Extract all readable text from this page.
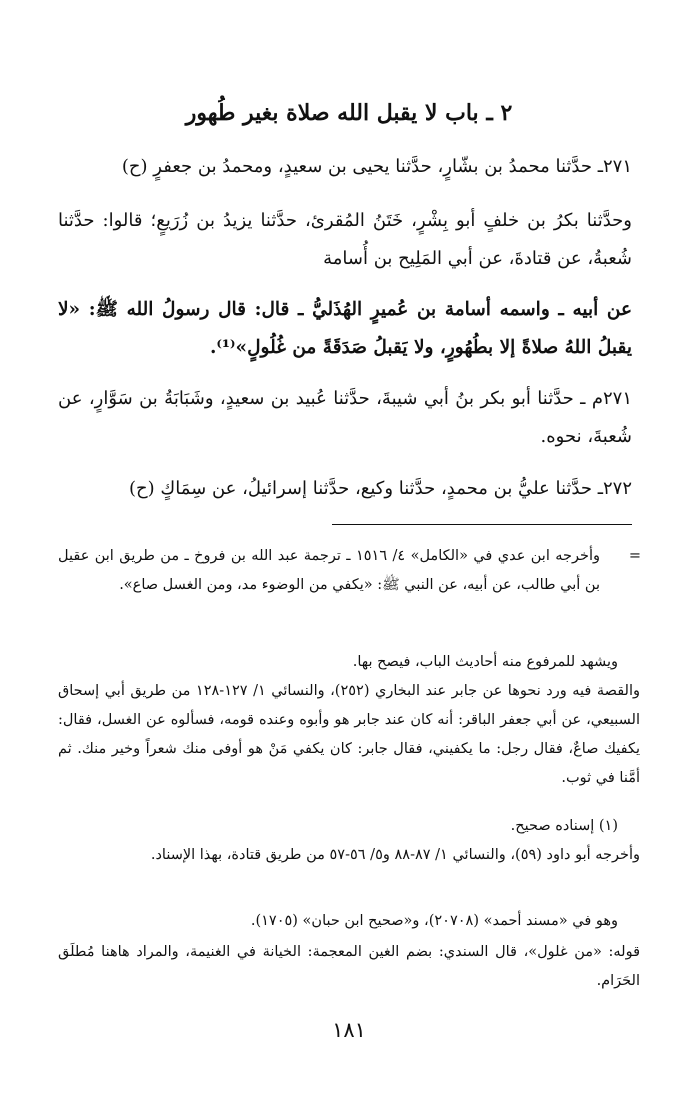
٢ ـ باب لا يقبل الله صلاة بغير طُهور
٢٧١ـ حدَّثنا محمدُ بن بشّارٍ، حدَّثنا يحيى بن سعيدٍ، ومحمدُ بن جعفرٍ (ح)
وحدَّثنا بكرُ بن خلفٍ أبو بِشْرٍ، خَتَنُ المُقرئ، حدَّثنا يزيدُ بن زُرَيعٍ؛ قالوا: حدَّثنا شُعبةُ، عن قتادةَ، عن أبي المَلِيح بن أُسامة
عن أبيه ـ واسمه أسامة بن عُميرٍ الهُذَليُّ ـ قال: قال رسولُ الله ﷺ: «لا يقبلُ اللهُ صلاةً إلا بطُهُورٍ، ولا يَقبلُ صَدَقَةً من غُلُولٍ»⁽¹⁾.
٢٧١م ـ حدَّثنا أبو بكر بنُ أبي شيبةَ، حدَّثنا عُبيد بن سعيدٍ، وشَبَابَةُ بن سَوَّارٍ، عن شُعبةَ، نحوه.
٢٧٢ـ حدَّثنا عليُّ بن محمدٍ، حدَّثنا وكيع، حدَّثنا إسرائيلُ، عن سِمَاكٍ (ح)
=
وأخرجه ابن عدي في «الكامل» ٤/ ١٥١٦ ـ ترجمة عبد الله بن فروخ ـ من طريق ابن عقيل بن أبي طالب، عن أبيه، عن النبي ﷺ: «يكفي من الوضوء مد، ومن الغسل صاع».
ويشهد للمرفوع منه أحاديث الباب، فيصح بها.
والقصة فيه ورد نحوها عن جابر عند البخاري (٢٥٢)، والنسائي ١/ ١٢٧-١٢٨ من طريق أبي إسحاق السبيعي، عن أبي جعفر الباقر: أنه كان عند جابر هو وأبوه وعنده قومه، فسألوه عن الغسل، فقال: يكفيك صاعٌ، فقال رجل: ما يكفيني، فقال جابر: كان يكفي مَنْ هو أوفى منك شعراً وخير منك. ثم أمَّنا في ثوب.
(١) إسناده صحيح.
وأخرجه أبو داود (٥٩)، والنسائي ١/ ٨٧-٨٨ و٥/ ٥٦-٥٧ من طريق قتادة، بهذا الإسناد.
وهو في «مسند أحمد» (٢٠٧٠٨)، و«صحيح ابن حبان» (١٧٠٥).
قوله: «من غلول»، قال السندي: بضم الغين المعجمة: الخيانة في الغنيمة، والمراد هاهنا مُطلَق الحَرَام.
١٨١
